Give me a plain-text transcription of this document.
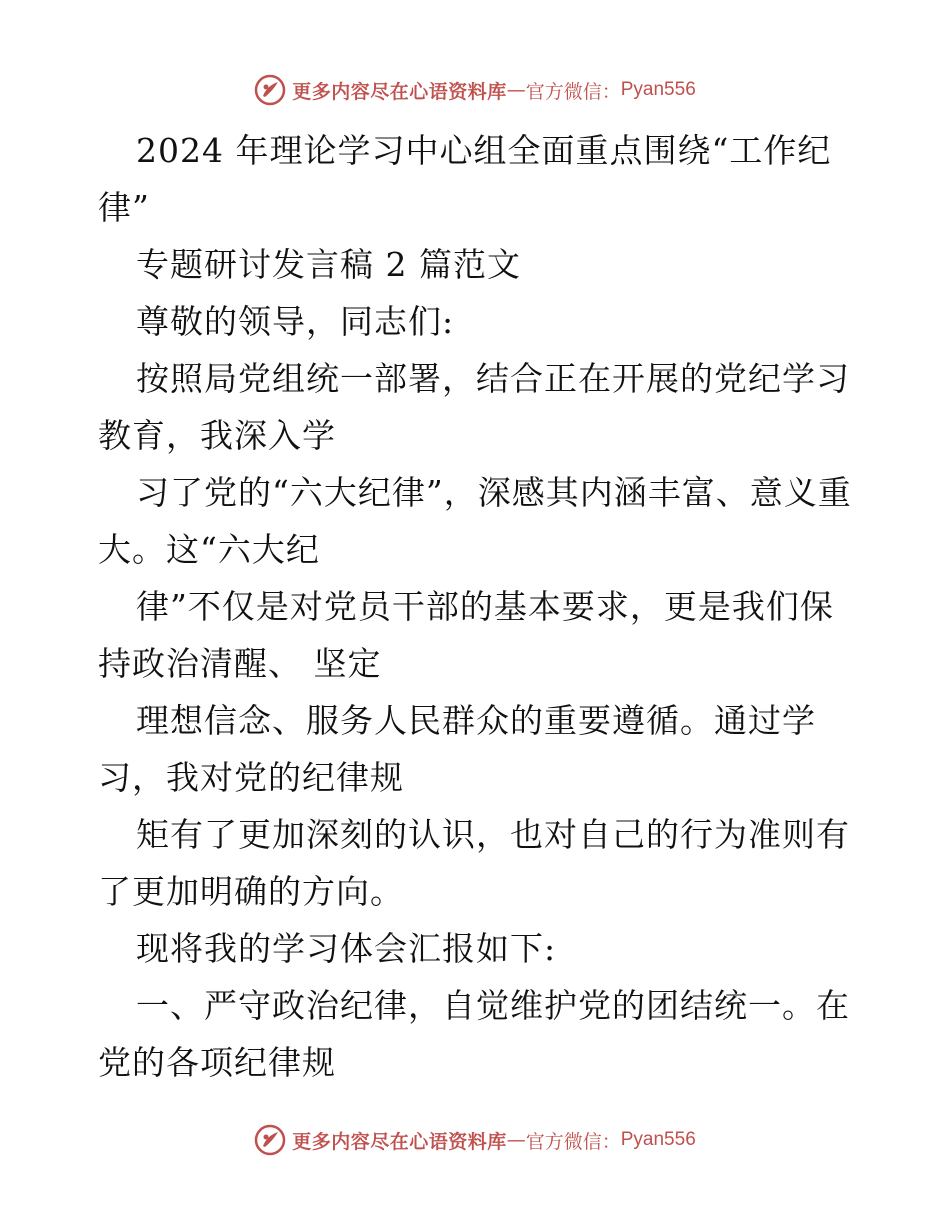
更多内容尽在心语资料库 — 官方微信： Pyan556

2024 年理论学习中心组全面重点围绕“工作纪律”

专题研讨发言稿 2 篇范文

尊敬的领导，同志们:

按照局党组统一部署，结合正在开展的党纪学习教育，我深入学

习了党的“六大纪律”，深感其内涵丰富、意义重大。这“六大纪

律”不仅是对党员干部的基本要求，更是我们保持政治清醒、 坚定

理想信念、服务人民群众的重要遵循。通过学习，我对党的纪律规

矩有了更加深刻的认识，也对自己的行为准则有了更加明确的方向。

现将我的学习体会汇报如下:

一、严守政治纪律，自觉维护党的团结统一。在党的各项纪律规

更多内容尽在心语资料库 — 官方微信： Pyan556
